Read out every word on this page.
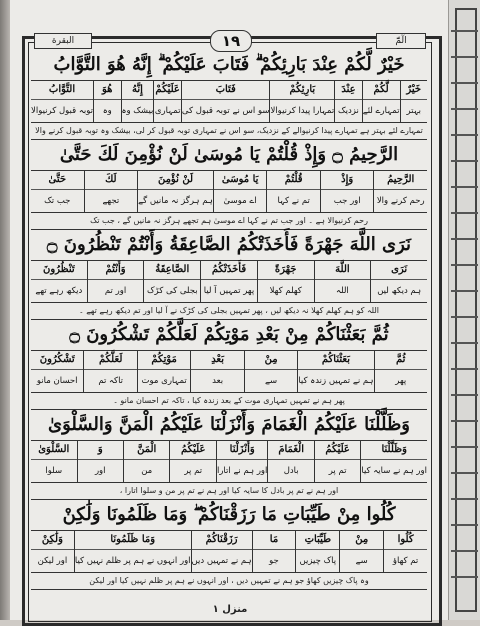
البقرة	١٩	الٓمّٓ
خَيْرٌ لَّكُمْ عِنْدَ بَارِئِكُمْ ۗ فَتَابَ عَلَيْكُمْ ۗ إِنَّهُ هُوَ التَّوَّابُ
خَيْرٌ
بہتر
لَّكُمْ
تمہارے لئے
عِنْدَ
نزدیک
بَارِئِكُمْ
تمہارا پیدا کرنیوالا
فَتَابَ
سو اس نے توبہ قبول کی
عَلَيْكُمْ
تمہاری
إِنَّهُ
بیشک وہ
هُوَ
وہ
التَّوَّابُ
توبہ قبول کرنیوالا
تمہارے لئے بہتر ہے تمہارے پیدا کرنیوالے کے نزدیک، سو اس نے تمہاری توبہ قبول کر لی، بیشک وہ توبہ قبول کرنے والا
الرَّحِيمُ ۝ وَإِذْ قُلْتُمْ يَا مُوسَىٰ لَنْ نُؤْمِنَ لَكَ حَتَّىٰ
الرَّحِيمُ
رحم کرنے والا
وَإِذْ
اور جب
قُلْتُمْ
تم نے کہا
يَا مُوسَىٰ
اے موسیٰ
لَنْ نُؤْمِنَ
ہم ہرگز نہ مانیں گے
لَكَ
تجھے
حَتَّىٰ
جب تک
رحم کرنیوالا ہے ۔ اور جب تم نے کہا اے موسیٰ ہم تجھے ہرگز نہ مانیں گے ، جب تک
نَرَى اللَّهَ جَهْرَةً فَأَخَذَتْكُمُ الصَّاعِقَةُ وَأَنْتُمْ تَنْظُرُونَ ۝
نَرَى
ہم دیکھ لیں
اللَّهَ
اللہ
جَهْرَةً
کھلم کھلا
فَأَخَذَتْكُمُ
پھر تمہیں آ لیا
الصَّاعِقَةُ
بجلی کی کڑک
وَأَنْتُمْ
اور تم
تَنْظُرُونَ
دیکھ رہے تھے
اللہ کو ہم کھلم کھلا نہ دیکھ لیں ، پھر تمہیں بجلی کی کڑک نے آ لیا اور تم دیکھ رہے تھے ۔
ثُمَّ بَعَثْنَاكُمْ مِنْ بَعْدِ مَوْتِكُمْ لَعَلَّكُمْ تَشْكُرُونَ ۝
ثُمَّ
پھر
بَعَثْنَاكُمْ
ہم نے تمہیں زندہ کیا
مِنْ
سے
بَعْدِ
بعد
مَوْتِكُمْ
تمہاری موت
لَعَلَّكُمْ
تاکہ تم
تَشْكُرُونَ
احسان مانو
پھر ہم نے تمہیں تمہاری موت کے بعد زندہ کیا ، تاکہ تم احسان مانو ۔
وَظَلَّلْنَا عَلَيْكُمُ الْغَمَامَ وَأَنْزَلْنَا عَلَيْكُمُ الْمَنَّ وَالسَّلْوَىٰ
وَظَلَّلْنَا
اور ہم نے سایہ کیا
عَلَيْكُمُ
تم پر
الْغَمَامَ
بادل
وَأَنْزَلْنَا
اور ہم نے اتارا
عَلَيْكُمُ
تم پر
الْمَنَّ
من
وَ
اور
السَّلْوَىٰ
سلوا
اور ہم نے تم پر بادل کا سایہ کیا اور ہم نے تم پر من و سلوا اتارا ،
كُلُوا مِنْ طَيِّبَاتِ مَا رَزَقْنَاكُمْ ۖ وَمَا ظَلَمُونَا وَلَٰكِنْ
كُلُوا
تم کھاؤ
مِنْ
سے
طَيِّبَاتِ
پاک چیزیں
مَا
جو
رَزَقْنَاكُمْ
ہم نے تمہیں دیں
وَمَا ظَلَمُونَا
اور انہوں نے ہم پر ظلم نہیں کیا
وَلَٰكِنْ
اور لیکن
وہ پاک چیزیں کھاؤ جو ہم نے تمہیں دیں ، اور انہوں نے ہم پر ظلم نہیں کیا اور لیکن
منزل ۱
